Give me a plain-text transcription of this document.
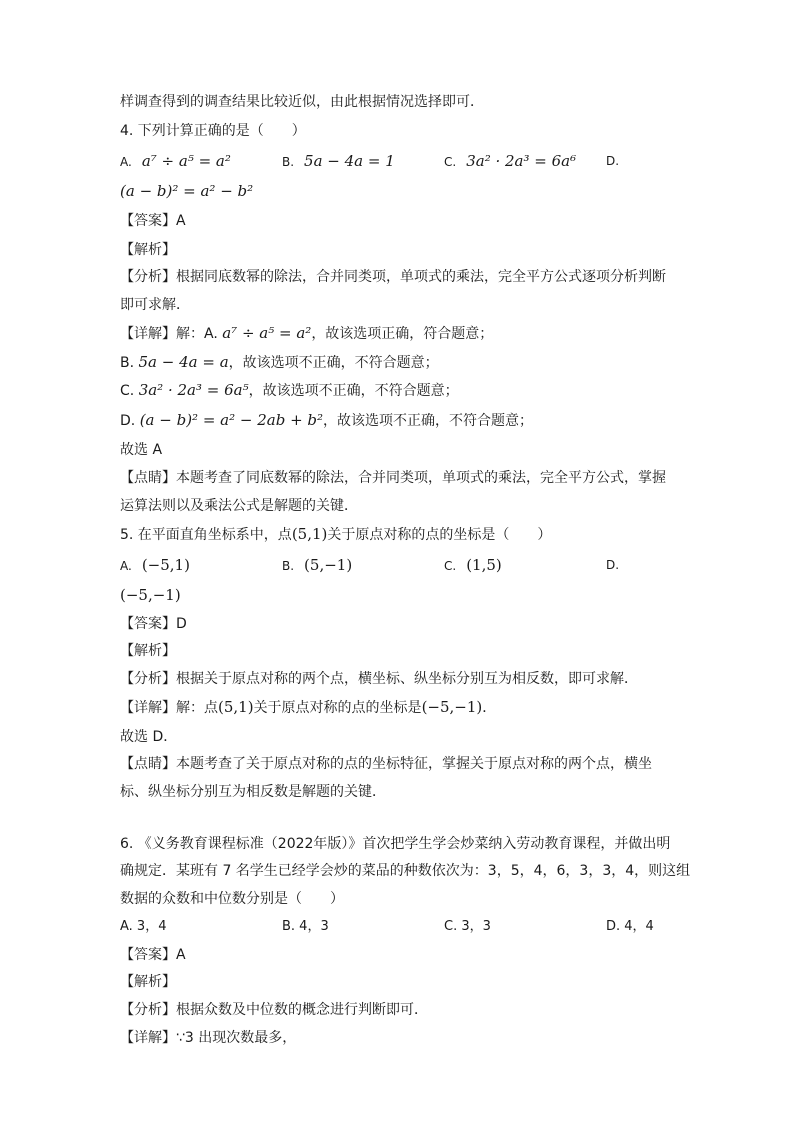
样调查得到的调查结果比较近似，由此根据情况选择即可．
4. 下列计算正确的是（　　）
A. a⁷ ÷ a⁵ = a²	B. 5a − 4a = 1	C. 3a² · 2a³ = 6a⁶ D.
(a − b)² = a² − b²
【答案】A
【解析】
【分析】根据同底数幂的除法，合并同类项，单项式的乘法，完全平方公式逐项分析判断
即可求解．
【详解】解：A. a⁷ ÷ a⁵ = a²，故该选项正确，符合题意；
B. 5a − 4a = a，故该选项不正确，不符合题意；
C. 3a² · 2a³ = 6a⁵，故该选项不正确，不符合题意；
D. (a − b)² = a² − 2ab + b²，故该选项不正确，不符合题意；
故选 A
【点睛】本题考查了同底数幂的除法，合并同类项，单项式的乘法，完全平方公式，掌握
运算法则以及乘法公式是解题的关键．
5. 在平面直角坐标系中，点(5,1)关于原点对称的点的坐标是（　　）
A. (−5,1)	B. (5,−1)	C. (1,5)	D.
(−5,−1)
【答案】D
【解析】
【分析】根据关于原点对称的两个点，横坐标、纵坐标分别互为相反数，即可求解．
【详解】解：点(5,1)关于原点对称的点的坐标是(−5,−1)．
故选 D．
【点睛】本题考查了关于原点对称的点的坐标特征，掌握关于原点对称的两个点，横坐
标、纵坐标分别互为相反数是解题的关键．
6. 《义务教育课程标准（2022年版）》首次把学生学会炒菜纳入劳动教育课程，并做出明
确规定．某班有 7 名学生已经学会炒的菜品的种数依次为：3，5，4，6，3，3，4，则这组
数据的众数和中位数分别是（　　）
A. 3，4	B. 4，3	C. 3，3	D. 4，4
【答案】A
【解析】
【分析】根据众数及中位数的概念进行判断即可．
【详解】∵3 出现次数最多，
